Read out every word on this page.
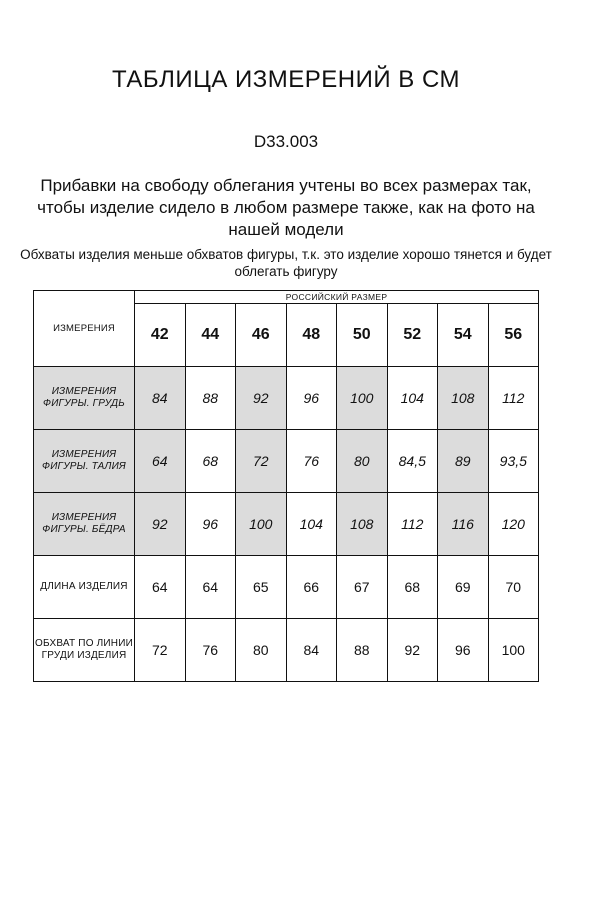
ТАБЛИЦА ИЗМЕРЕНИЙ В СМ
D33.003
Прибавки на свободу облегания учтены во всех размерах так, чтобы изделие сидело в любом размере также, как на фото на нашей модели
Обхваты изделия меньше обхватов фигуры, т.к. это изделие хорошо тянется и будет облегать фигуру
ИЗМЕРЕНИЯ	РОССИЙСКИЙ РАЗМЕР							
	42	44	46	48	50	52	54	56
ИЗМЕРЕНИЯ ФИГУРЫ. ГРУДЬ	84	88	92	96	100	104	108	112
ИЗМЕРЕНИЯ ФИГУРЫ. ТАЛИЯ	64	68	72	76	80	84,5	89	93,5
ИЗМЕРЕНИЯ ФИГУРЫ. БЁДРА	92	96	100	104	108	112	116	120
ДЛИНА ИЗДЕЛИЯ	64	64	65	66	67	68	69	70
ОБХВАТ ПО ЛИНИИ ГРУДИ ИЗДЕЛИЯ	72	76	80	84	88	92	96	100
